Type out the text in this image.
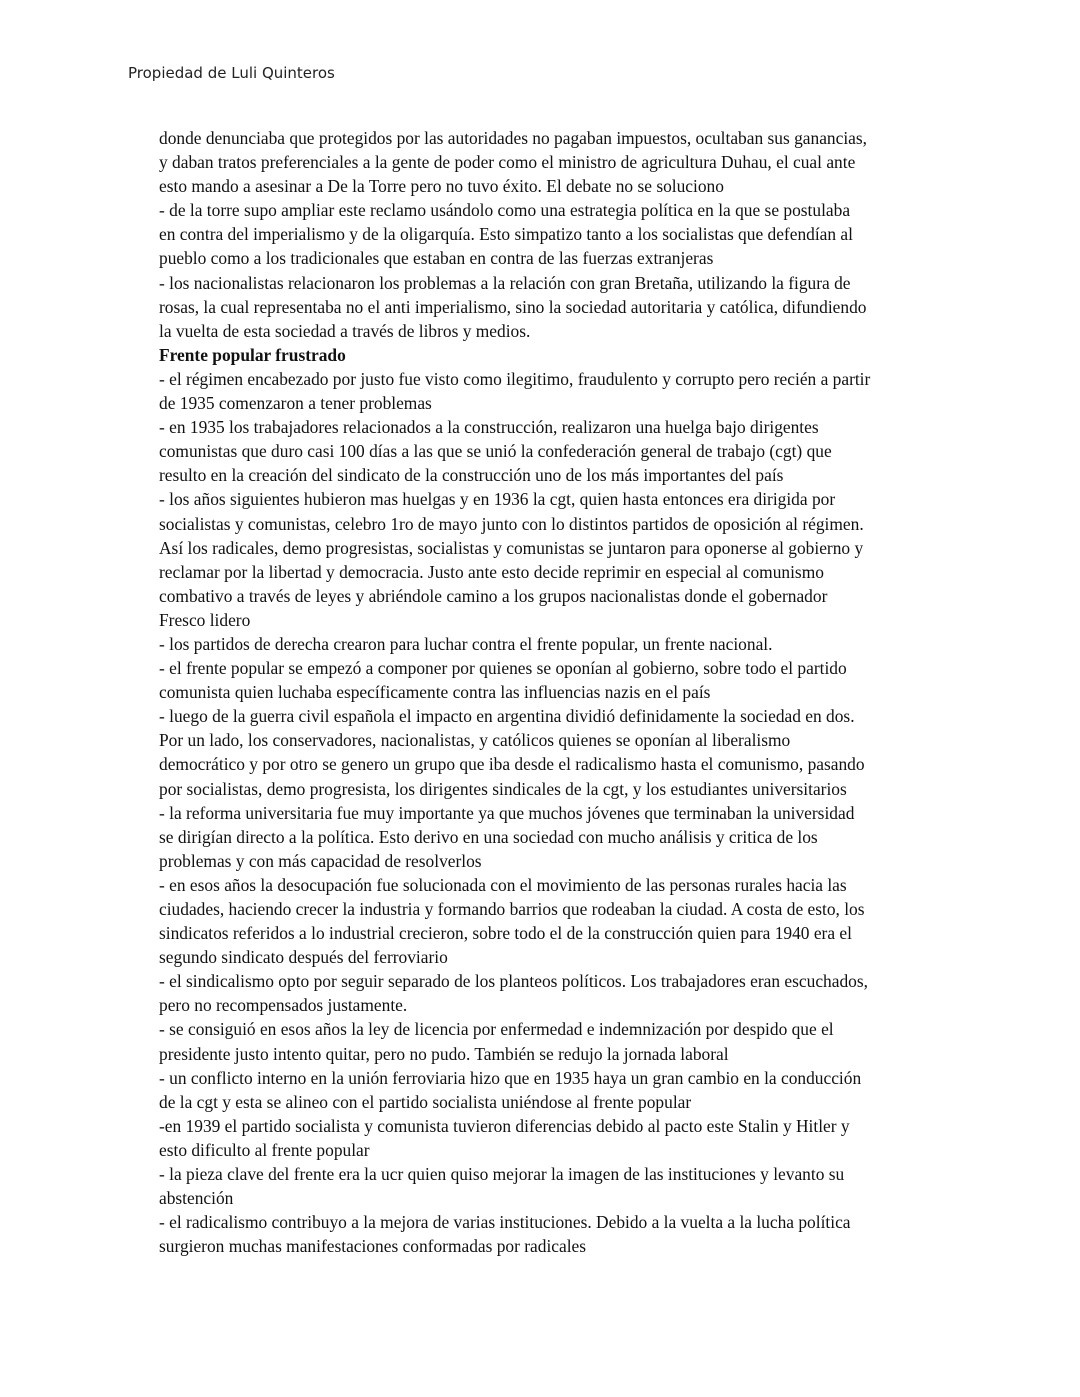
Propiedad de Luli Quinteros
donde denunciaba que protegidos por las autoridades no pagaban impuestos, ocultaban sus ganancias,
y daban tratos preferenciales a la gente de poder como el ministro de agricultura Duhau, el cual ante
esto mando a asesinar a De la Torre pero no tuvo éxito. El debate no se soluciono
- de la torre supo ampliar este reclamo usándolo como una estrategia política en la que se postulaba
en contra del imperialismo y de la oligarquía. Esto simpatizo tanto a los socialistas que defendían al
pueblo como a los tradicionales que estaban en contra de las fuerzas extranjeras
- los nacionalistas relacionaron los problemas a la relación con gran Bretaña, utilizando la figura de
rosas, la cual representaba no el anti imperialismo, sino la sociedad autoritaria y católica, difundiendo
la vuelta de esta sociedad a través de libros y medios.
Frente popular frustrado
- el régimen encabezado por justo fue visto como ilegitimo, fraudulento y corrupto pero recién a partir
de 1935 comenzaron a tener problemas
- en 1935 los trabajadores relacionados a la construcción, realizaron una huelga bajo dirigentes
comunistas que duro casi 100 días a las que se unió la confederación general de trabajo (cgt) que
resulto en la creación del sindicato de la construcción uno de los más importantes del país
- los años siguientes hubieron mas huelgas y en 1936 la cgt, quien hasta entonces era dirigida por
socialistas y comunistas, celebro 1ro de mayo junto con lo distintos partidos de oposición al régimen.
Así los radicales, demo progresistas, socialistas y comunistas se juntaron para oponerse al gobierno y
reclamar por la libertad y democracia. Justo ante esto decide reprimir en especial al comunismo
combativo a través de leyes y abriéndole camino a los grupos nacionalistas donde el gobernador
Fresco lidero
- los partidos de derecha crearon para luchar contra el frente popular, un frente nacional.
- el frente popular se empezó a componer por quienes se oponían al gobierno, sobre todo el partido
comunista quien luchaba específicamente contra las influencias nazis en el país
- luego de la guerra civil española el impacto en argentina dividió definidamente la sociedad en dos.
Por un lado, los conservadores, nacionalistas, y católicos quienes se oponían al liberalismo
democrático y por otro se genero un grupo que iba desde el radicalismo hasta el comunismo, pasando
por socialistas, demo progresista, los dirigentes sindicales de la cgt, y los estudiantes universitarios
- la reforma universitaria fue muy importante ya que muchos jóvenes que terminaban la universidad
se dirigían directo a la política. Esto derivo en una sociedad con mucho análisis y critica de los
problemas y con más capacidad de resolverlos
- en esos años la desocupación fue solucionada con el movimiento de las personas rurales hacia las
ciudades, haciendo crecer la industria y formando barrios que rodeaban la ciudad. A costa de esto, los
sindicatos referidos a lo industrial crecieron, sobre todo el de la construcción quien para 1940 era el
segundo sindicato después del ferroviario
- el sindicalismo opto por seguir separado de los planteos políticos. Los trabajadores eran escuchados,
pero no recompensados justamente.
- se consiguió en esos años la ley de licencia por enfermedad e indemnización por despido que el
presidente justo intento quitar, pero no pudo. También se redujo la jornada laboral
- un conflicto interno en la unión ferroviaria hizo que en 1935 haya un gran cambio en la conducción
de la cgt y esta se alineo con el partido socialista uniéndose al frente popular
-en 1939 el partido socialista y comunista tuvieron diferencias debido al pacto este Stalin y Hitler y
esto dificulto al frente popular
- la pieza clave del frente era la ucr quien quiso mejorar la imagen de las instituciones y levanto su
abstención
- el radicalismo contribuyo a la mejora de varias instituciones. Debido a la vuelta a la lucha política
surgieron muchas manifestaciones conformadas por radicales
